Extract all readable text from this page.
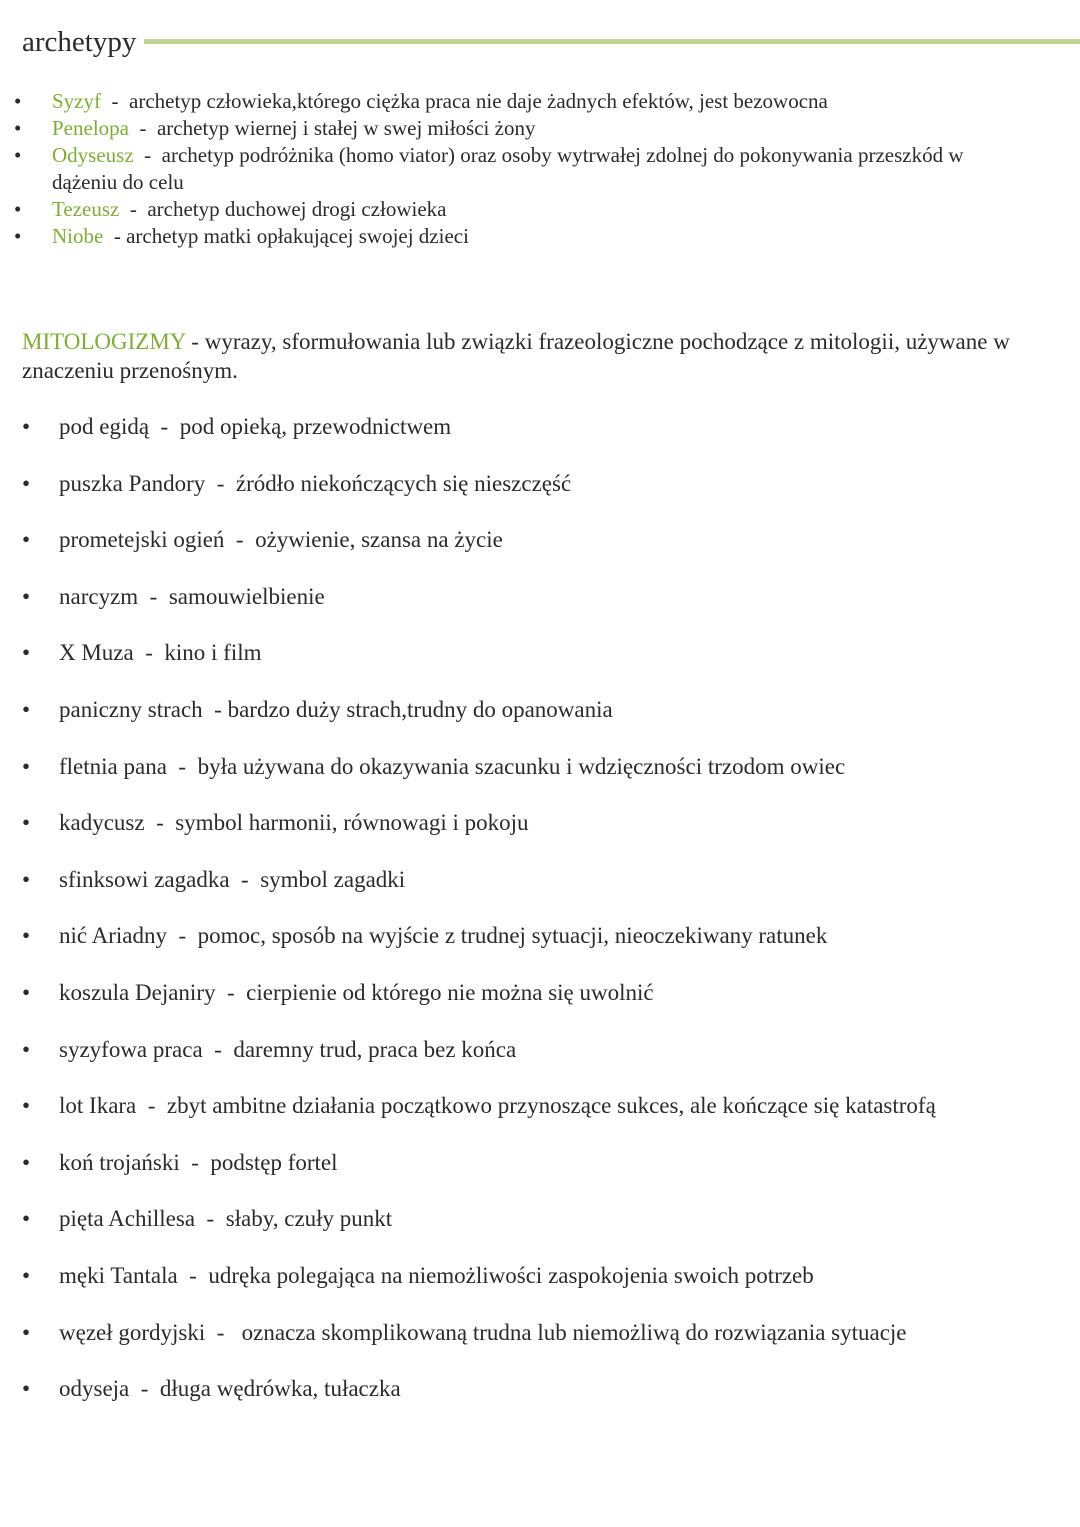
archetypy
•	Syzyf  -  archetyp człowieka,którego ciężka praca nie daje żadnych efektów, jest bezowocna
•	Penelopa  -  archetyp wiernej i stałej w swej miłości żony
•	Odyseusz  -  archetyp podróżnika (homo viator) oraz osoby wytrwałej zdolnej do pokonywania przeszkód w dążeniu do celu
•	Tezeusz  -  archetyp duchowej drogi człowieka
•	Niobe  - archetyp matki opłakującej swojej dzieci
MITOLOGIZMY - wyrazy, sformułowania lub związki frazeologiczne pochodzące z mitologii, używane w znaczeniu przenośnym.
• pod egidą  -  pod opieką, przewodnictwem
• puszka Pandory  -  źródło niekończących się nieszczęść
• prometejski ogień  -  ożywienie, szansa na życie
• narcyzm  -  samouwielbienie
• X Muza  -  kino i film
• paniczny strach  - bardzo duży strach,trudny do opanowania
• fletnia pana  -  była używana do okazywania szacunku i wdzięczności trzodom owiec
• kadycusz  -  symbol harmonii, równowagi i pokoju
• sfinksowi zagadka  -  symbol zagadki
• nić Ariadny  -  pomoc, sposób na wyjście z trudnej sytuacji, nieoczekiwany ratunek
• koszula Dejaniry  -  cierpienie od którego nie można się uwolnić
• syzyfowa praca  -  daremny trud, praca bez końca
• lot Ikara  -  zbyt ambitne działania początkowo przynoszące sukces, ale kończące się katastrofą
• koń trojański  -  podstęp fortel
• pięta Achillesa  -  słaby, czuły punkt
• męki Tantala  -  udręka polegająca na niemożliwości zaspokojenia swoich potrzeb
• węzeł gordyjski  -   oznacza skomplikowaną trudna lub niemożliwą do rozwiązania sytuacje
• odyseja  -  długa wędrówka, tułaczka
